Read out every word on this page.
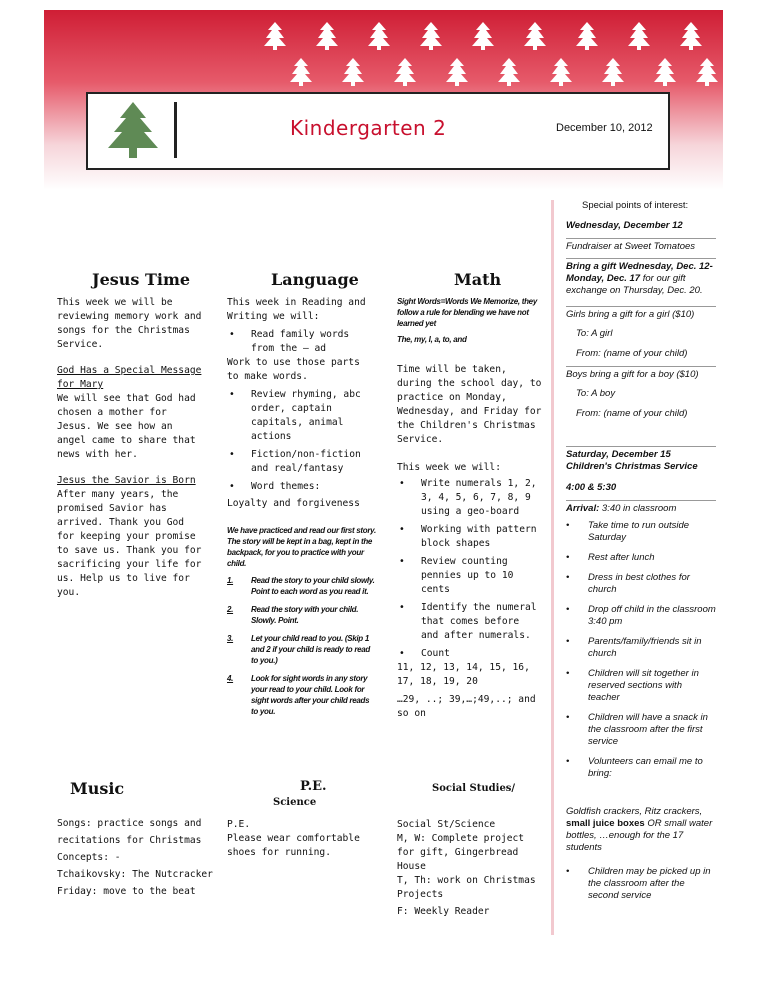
Kindergarten 2	December 10, 2012
Jesus Time

This week we will be reviewing memory work and songs for the Christmas Service.

God Has a Special Message for Mary

We will see that God had chosen a mother for Jesus. We see how an angel came to share that news with her.

Jesus the Savior is Born

After many years, the promised Savior has arrived. Thank you God for keeping your promise to save us. Thank you for sacrificing your life for us. Help us to live for you.

Language

This week in Reading and Writing we will:

• Read family words from the – ad

Work to use those parts to make words.

• Review rhyming, abc order, captain capitals, animal actions
• Fiction/non-fiction and real/fantasy
• Word themes:

Loyalty and forgiveness

We have practiced and read our first story. The story will be kept in a bag, kept in the backpack, for you to practice with your child.

1. Read the story to your child slowly. Point to each word as you read it.
2. Read the story with your child. Slowly. Point.
3. Let your child read to you. (Skip 1 and 2 if your child is ready to read to you.)
4. Look for sight words in any story your read to your child. Look for sight words after your child reads to you.
Math

Sight Words=Words We Memorize, they follow a rule for blending we have not learned yet

The, my, I, a, to, and

Time will be taken, during the school day, to practice on Monday, Wednesday, and Friday for the Children's Christmas Service.

This week we will:

• Write numerals 1, 2, 3, 4, 5, 6, 7, 8, 9 using a geo-board
• Working with pattern block shapes
• Review counting pennies up to 10 cents
• Identify the numeral that comes before and after numerals.
• Count

11, 12, 13, 14, 15, 16, 17, 18, 19, 20

…29, ..; 39,…;49,..; and so on

Music

Songs: practice songs and recitations for Christmas

Concepts: -

Tchaikovsky: The Nutcracker

Friday: move to the beat

P.E.
Science

P.E.

Please wear comfortable shoes for running.

Social Studies/

Social St/Science

M, W: Complete project for gift, Gingerbread House

T, Th: work on Christmas Projects

F: Weekly Reader

Special points of interest:
Wednesday, December 12
Fundraiser at Sweet Tomatoes
Bring a gift Wednesday, Dec. 12-Monday, Dec. 17 for our gift exchange on Thursday, Dec. 20.
Girls bring a gift for a girl ($10)
To: A girl
From: (name of your child)
Boys bring a gift for a boy ($10)
To: A boy
From: (name of your child)
Saturday, December 15 Children's Christmas Service
4:00 & 5:30
Arrival: 3:40 in classroom
• Take time to run outside Saturday
• Rest after lunch
• Dress in best clothes for church
• Drop off child in the classroom 3:40 pm
• Parents/family/friends sit in church
• Children will sit together in reserved sections with teacher
• Children will have a snack in the classroom after the first service
• Volunteers can email me to bring:
Goldfish crackers, Ritz crackers, small juice boxes OR small water bottles, …enough for the 17 students
• Children may be picked up in the classroom after the second service
